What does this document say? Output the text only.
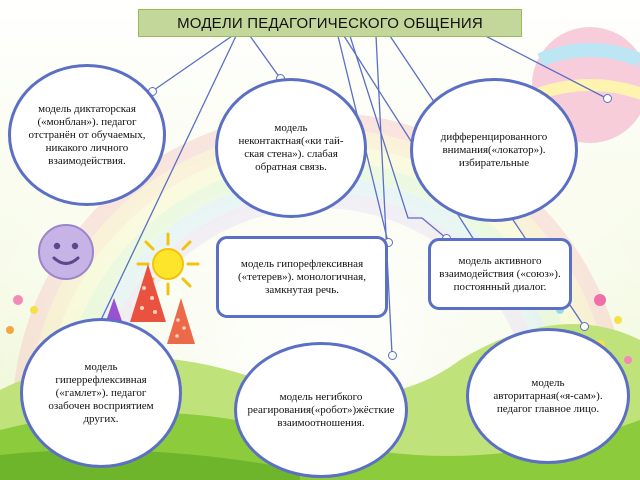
МОДЕЛИ ПЕДАГОГИЧЕСКОГО ОБЩЕНИЯ
модель диктаторская («монблан»). педагог отстранён от обучаемых, никакого личного взаимодействия.
модель неконтактная(«ки тай-ская стена»). слабая обратная связь.
дифференцированного внимания(«локатор»). избирательные
модель гипорефлексивная («тетерев»). монологичная, замкнутая речь.
модель активного взаимодействия («союз»). постоянный диалог.
модель гиперрефлексивная («гамлет»). педагог озабочен восприятием других.
модель негибкого реагирования(«робот»)жёсткие взаимоотношения.
модель авторитарная(«я-сам»). педагог главное лицо.
